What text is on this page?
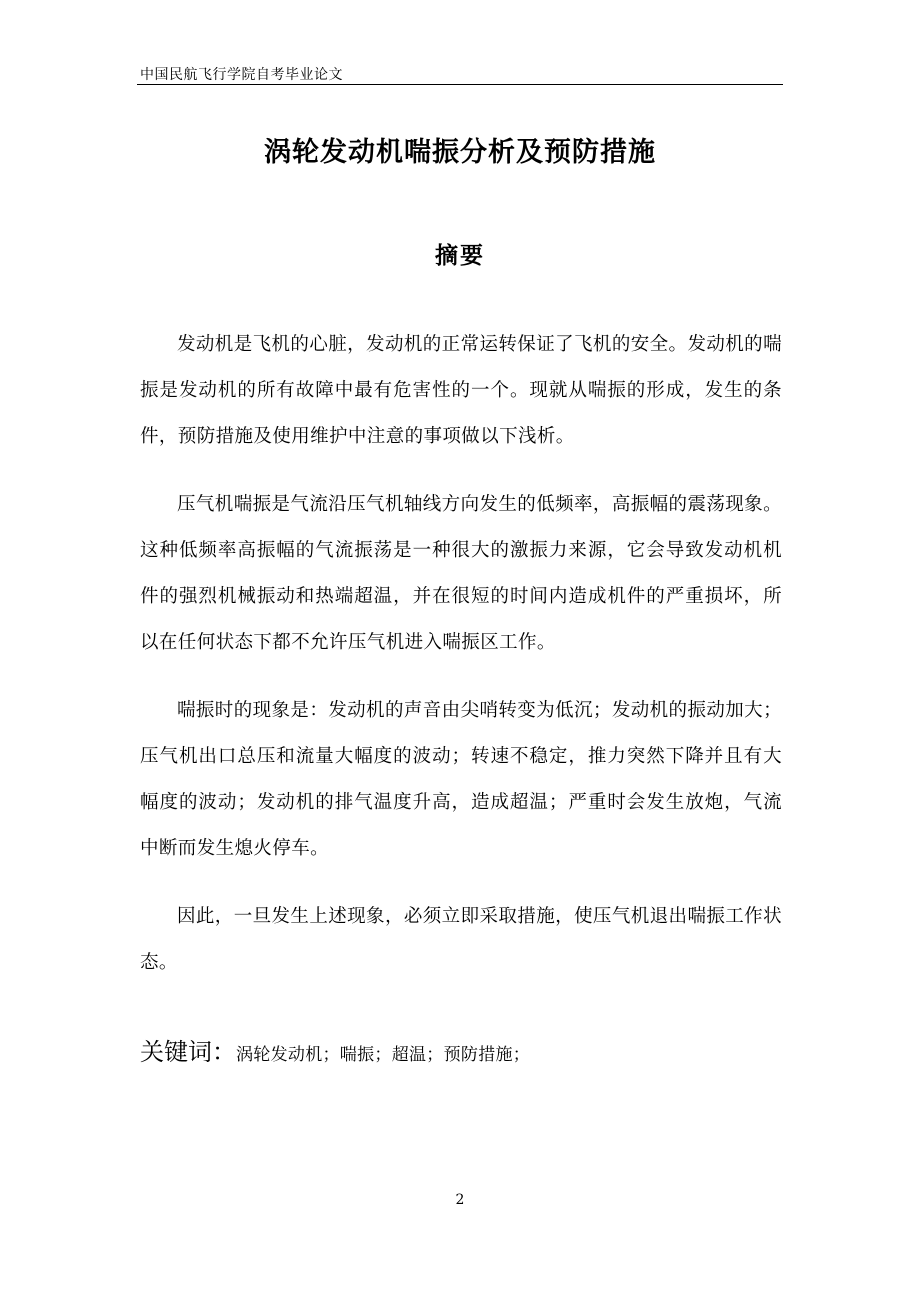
中国民航飞行学院自考毕业论文
涡轮发动机喘振分析及预防措施
摘要

发动机是飞机的心脏，发动机的正常运转保证了飞机的安全。发动机的喘振是发动机的所有故障中最有危害性的一个。现就从喘振的形成，发生的条件，预防措施及使用维护中注意的事项做以下浅析。

压气机喘振是气流沿压气机轴线方向发生的低频率，高振幅的震荡现象。这种低频率高振幅的气流振荡是一种很大的激振力来源，它会导致发动机机件的强烈机械振动和热端超温，并在很短的时间内造成机件的严重损坏，所以在任何状态下都不允许压气机进入喘振区工作。

喘振时的现象是：发动机的声音由尖哨转变为低沉；发动机的振动加大；压气机出口总压和流量大幅度的波动；转速不稳定，推力突然下降并且有大幅度的波动；发动机的排气温度升高，造成超温；严重时会发生放炮，气流中断而发生熄火停车。

因此，一旦发生上述现象，必须立即采取措施，使压气机退出喘振工作状态。

关键词：涡轮发动机；喘振；超温；预防措施；
2
